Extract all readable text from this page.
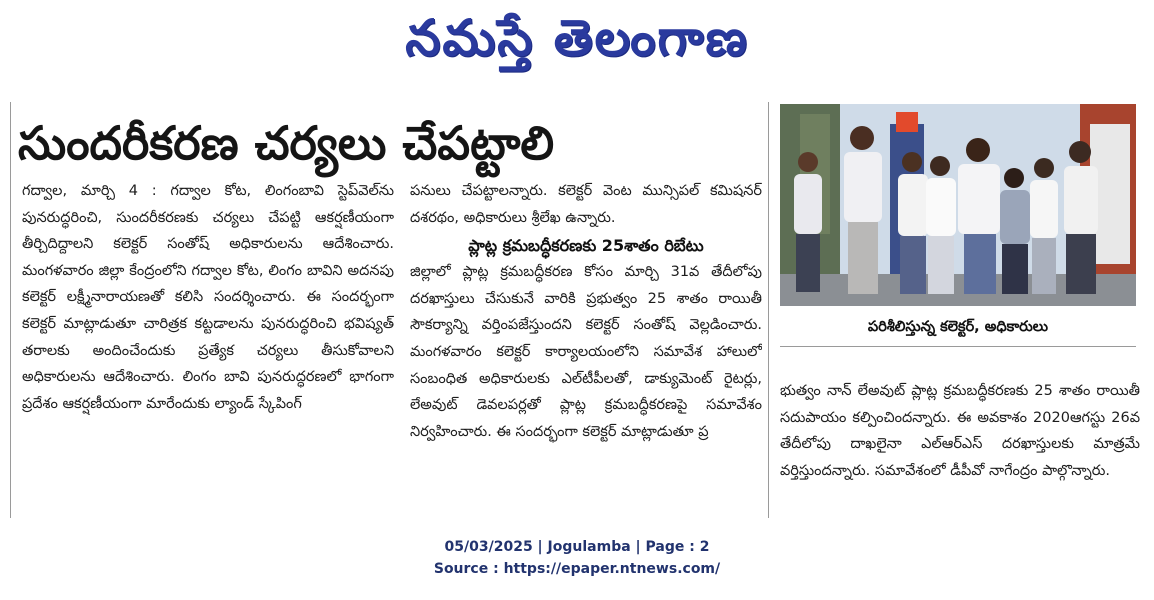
నమస్తే తెలంగాణ
సుందరీకరణ చర్యలు చేపట్టాలి

గద్వాల, మార్చి 4 : గద్వాల కోట, లింగంబావి స్టెప్‌వెల్‌ను పునరుద్ధరించి, సుందరీకరణకు చర్యలు చేపట్టి ఆకర్షణీయంగా తీర్చిదిద్దాలని కలెక్టర్ సంతోష్ అధికారులను ఆదేశించారు. మంగళవారం జిల్లా కేంద్రంలోని గద్వాల కోట, లింగం బావిని అదనపు కలెక్టర్ లక్ష్మీనారాయణతో కలిసి సందర్శించారు. ఈ సందర్భంగా కలెక్టర్ మాట్లాడుతూ చారిత్రక కట్టడాలను పునరుద్ధరించి భవిష్యత్ తరాలకు అందించేందుకు ప్రత్యేక చర్యలు తీసుకోవాలని అధికారులను ఆదేశించారు. లింగం బావి పునరుద్ధరణలో భాగంగా ప్రదేశం ఆకర్షణీయంగా మారేందుకు ల్యాండ్ స్కేపింగ్

పనులు చేపట్టాలన్నారు. కలెక్టర్ వెంట మున్సిపల్ కమిషనర్ దశరథం, అధికారులు శ్రీలేఖ ఉన్నారు.

ప్లాట్ల క్రమబద్ధీకరణకు 25శాతం రిబేటు

జిల్లాలో ప్లాట్ల క్రమబద్ధీకరణ కోసం మార్చి 31వ తేదీలోపు దరఖాస్తులు చేసుకునే వారికి ప్రభుత్వం 25 శాతం రాయితీ సౌకర్యాన్ని వర్తింపజేస్తుందని కలెక్టర్ సంతోష్ వెల్లడించారు. మంగళవారం కలెక్టర్ కార్యాలయంలోని సమావేశ హాలులో సంబంధిత అధికారులకు ఎల్‌టీపీలతో, డాక్యుమెంట్ రైటర్లు, లేఅవుట్ డెవలపర్లతో ప్లాట్ల క్రమబద్ధీకరణపై సమావేశం నిర్వహించారు. ఈ సందర్భంగా కలెక్టర్ మాట్లాడుతూ ప్ర

పరిశీలిస్తున్న కలెక్టర్, అధికారులు

భుత్వం నాన్ లేఅవుట్ ప్లాట్ల క్రమబద్ధీకరణకు 25 శాతం రాయితీ సదుపాయం కల్పించిందన్నారు. ఈ అవకాశం 2020ఆగస్టు 26వ తేదీలోపు దాఖలైనా ఎల్ఆర్ఎస్ దరఖాస్తులకు మాత్రమే వర్తిస్తుందన్నారు. సమావేశంలో డీపీవో నాగేంద్రం పాల్గొన్నారు.

05/03/2025 | Jogulamba | Page : 2
Source : https://epaper.ntnews.com/
